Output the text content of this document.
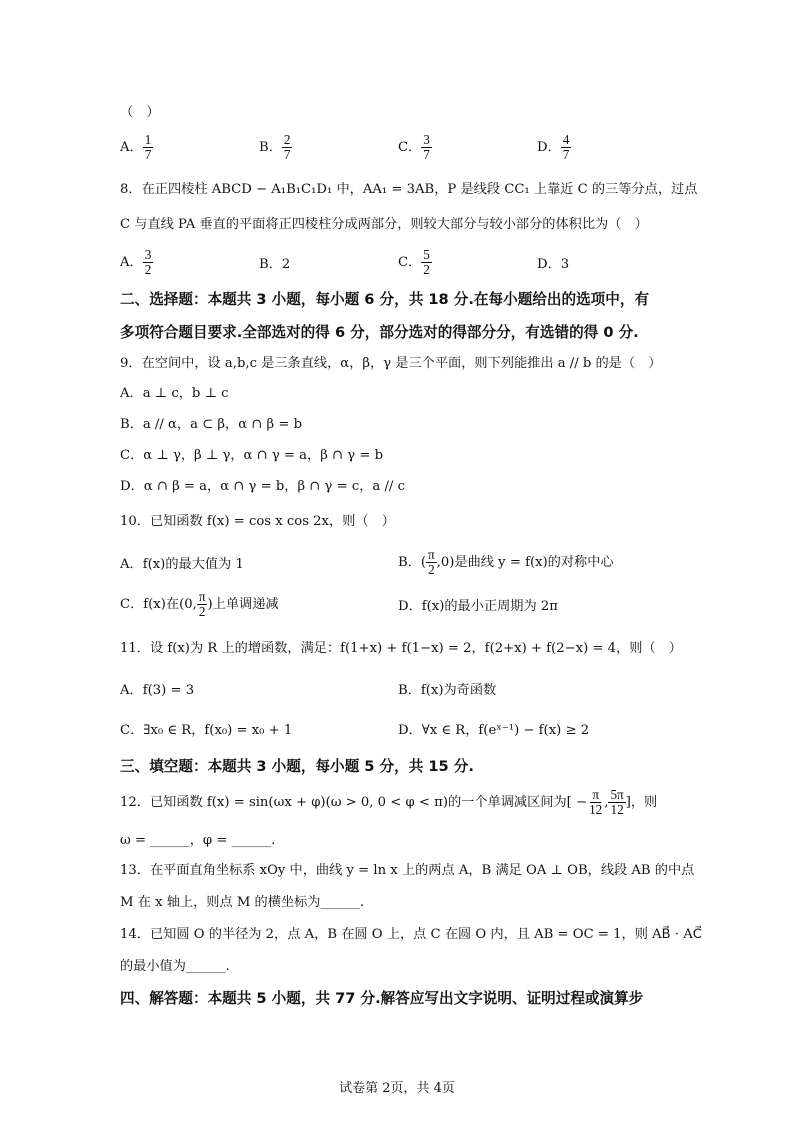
（　）
A． $\frac{1}{7}$	B． $\frac{2}{7}$	C． $\frac{3}{7}$	D． $\frac{4}{7}$
8．在正四棱柱 ABCD − A₁B₁C₁D₁ 中，AA₁ = 3AB，P 是线段 CC₁ 上靠近 C 的三等分点，过点
C 与直线 PA 垂直的平面将正四棱柱分成两部分，则较大部分与较小部分的体积比为（　）
A． $\frac{3}{2}$	B．2	C． $\frac{5}{2}$	D．3
二、选择题：本题共 3 小题，每小题 6 分，共 18 分.在每小题给出的选项中，有
多项符合题目要求.全部选对的得 6 分，部分选对的得部分分，有选错的得 0 分.
9．在空间中，设 a,b,c 是三条直线，α，β，γ 是三个平面，则下列能推出 a // b 的是（　）
A．a ⊥ c，b ⊥ c
B．a // α，a ⊂ β，α ∩ β = b
C．α ⊥ γ，β ⊥ γ，α ∩ γ = a，β ∩ γ = b
D．α ∩ β = a，α ∩ γ = b，β ∩ γ = c，a // c
10．已知函数 f(x) = cos x cos 2x，则（　）
A．f(x)的最大值为 1	B．( $\frac{\pi}{2} ,0$)是曲线 y = f(x)的对称中心
C．f(x)在(0, $\frac{\pi}{2}$ )上单调递减	D．f(x)的最小正周期为 2π
11．设 f(x)为 R 上的增函数，满足：f(1+x) + f(1−x) = 2，f(2+x) + f(2−x) = 4，则（　）
A．f(3) = 3	B．f(x)为奇函数
C．∃x₀ ∈ R，f(x₀) = x₀ + 1	D．∀x ∈ R，f(eˣ⁻¹) − f(x) ≥ 2
三、填空题：本题共 3 小题，每小题 5 分，共 15 分.
12．已知函数 f(x) = sin(ωx + φ)(ω > 0, 0 < φ < π)的一个单调减区间为[ − $\frac{\pi}{12}$ , $\frac{5\pi}{12}$ ]，则
ω = ______，φ = ______.
13．在平面直角坐标系 xOy 中，曲线 y = ln x 上的两点 A，B 满足 OA ⊥ OB，线段 AB 的中点
M 在 x 轴上，则点 M 的横坐标为______.
14．已知圆 O 的半径为 2，点 A，B 在圆 O 上，点 C 在圆 O 内，且 AB = OC = 1，则 AB⃗ · AC⃗
的最小值为______.
四、解答题：本题共 5 小题，共 77 分.解答应写出文字说明、证明过程或演算步
试卷第 2页，共 4页
